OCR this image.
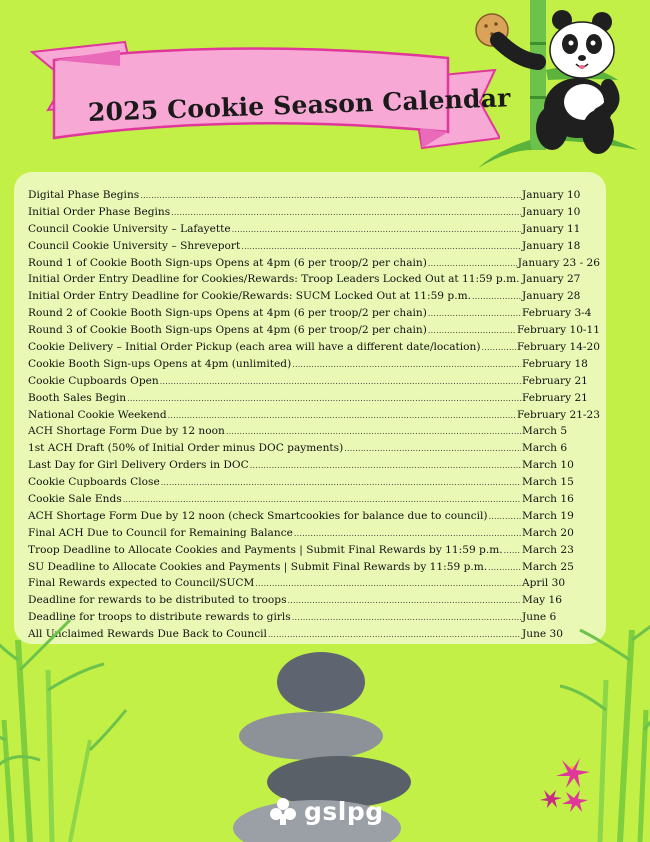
2025 Cookie Season Calendar
Digital Phase Begins .....	January 10
Initial Order Phase Begins .....	January 10
Council Cookie University – Lafayette .....	January 11
Council Cookie University – Shreveport .....	January 18
Round 1 of Cookie Booth Sign-ups Opens at 4pm (6 per troop/2 per chain) .....	January 23 - 26
Initial Order Entry Deadline for Cookies/Rewards: Troop Leaders Locked Out at 11:59 p.m. ..... January 27
Initial Order Entry Deadline for Cookie/Rewards: SUCM Locked Out at 11:59 p.m. .....	January 28
Round 2 of Cookie Booth Sign-ups Opens at 4pm (6 per troop/2 per chain) .....	February 3-4
Round 3 of Cookie Booth Sign-ups Opens at 4pm (6 per troop/2 per chain) .....	February 10-11
Cookie Delivery – Initial Order Pickup (each area will have a different date/location) .....	February 14-20
Cookie Booth Sign-ups Opens at 4pm (unlimited) .....	February 18
Cookie Cupboards Open .....	February 21
Booth Sales Begin .....	February 21
National Cookie Weekend .....	February 21-23
ACH Shortage Form Due by 12 noon .....	March 5
1st ACH Draft (50% of Initial Order minus DOC payments) .....	March 6
Last Day for Girl Delivery Orders in DOC .....	March 10
Cookie Cupboards Close .....	March 15
Cookie Sale Ends .....	March 16
ACH Shortage Form Due by 12 noon (check Smartcookies for balance due to council) .....	March 19
Final ACH Due to Council for Remaining Balance .....	March 20
Troop Deadline to Allocate Cookies and Payments | Submit Final Rewards by 11:59 p.m. ..... March 23
SU Deadline to Allocate Cookies and Payments | Submit Final Rewards by 11:59 p.m. .....	March 25
Final Rewards expected to Council/SUCM .....	April 30
Deadline for rewards to be distributed to troops .....	May 16
Deadline for troops to distribute rewards to girls .....	June 6
All Unclaimed Rewards Due Back to Council .....	June 30
gslpg
